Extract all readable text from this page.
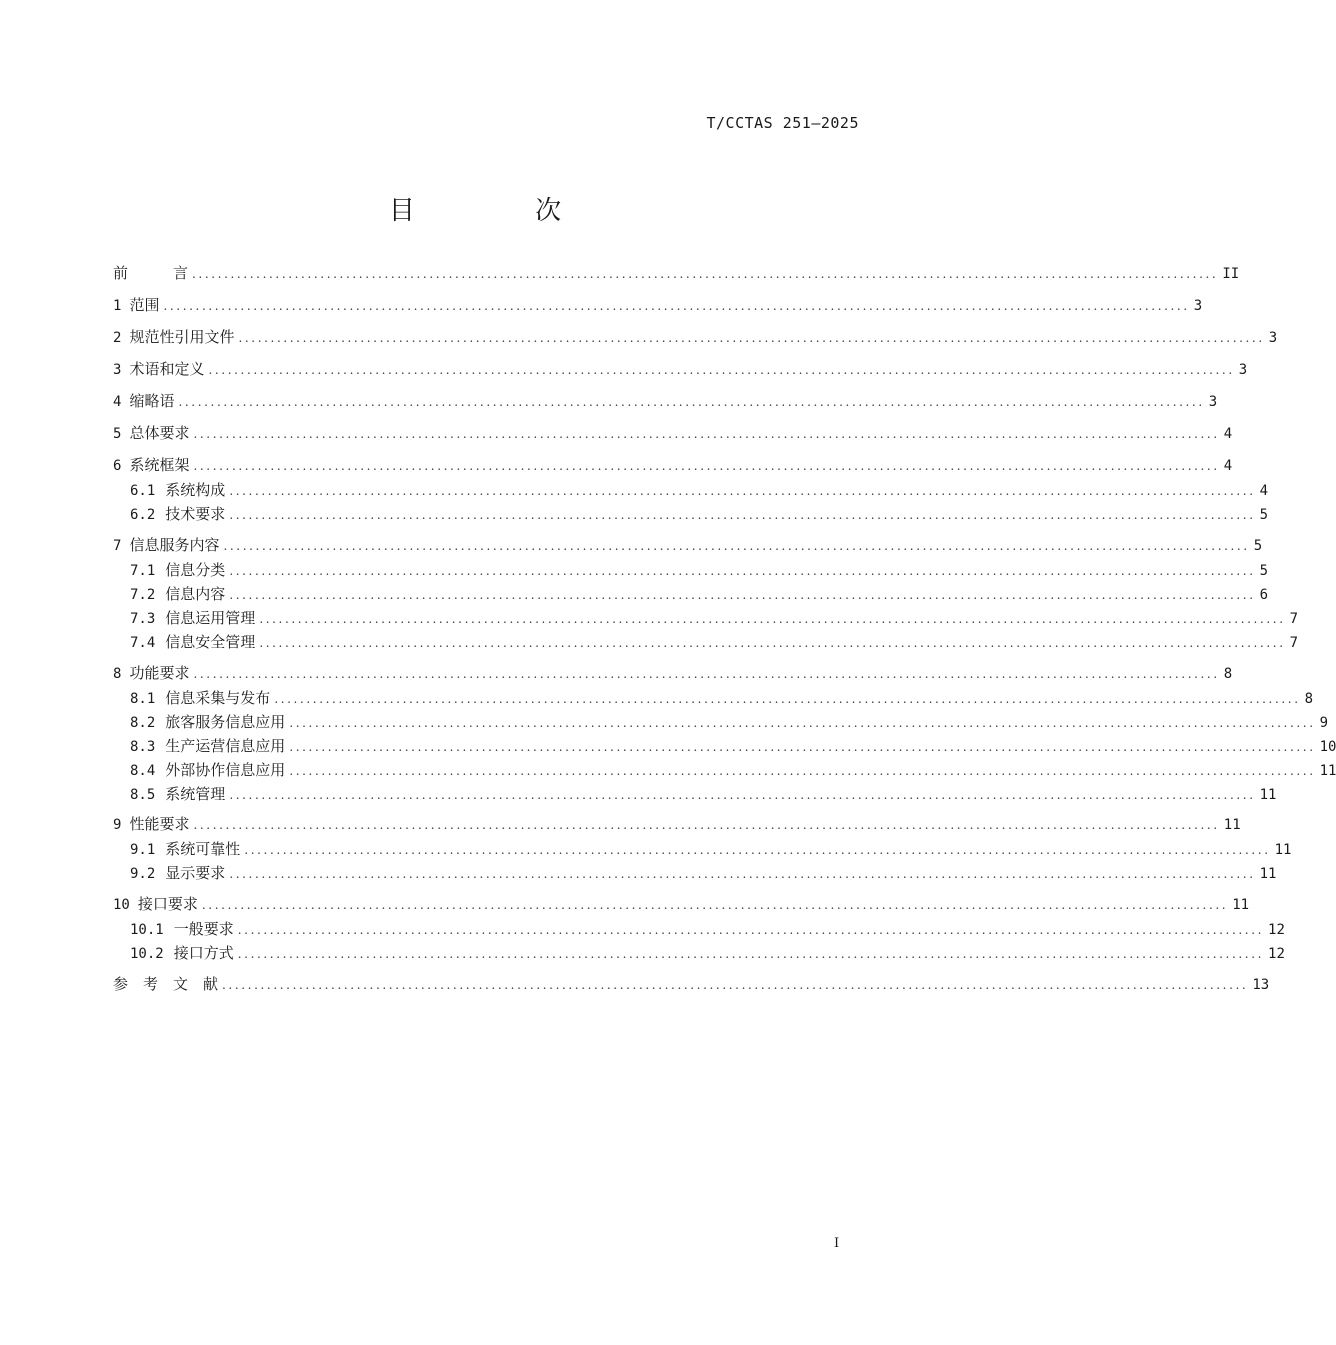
T/CCTAS 251—2025
目 次
前　　　言 ................................................................................................................................................................ II
1 范围 ................................................................................................................................................................ 3
2 规范性引用文件 ................................................................................................................................................................ 3
3 术语和定义 ................................................................................................................................................................ 3
4 缩略语 ................................................................................................................................................................ 3
5 总体要求 ................................................................................................................................................................ 4
6 系统框架 ................................................................................................................................................................ 4
6.1 系统构成 ................................................................................................................................................................ 4
6.2 技术要求 ................................................................................................................................................................ 5
7 信息服务内容 ................................................................................................................................................................ 5
7.1 信息分类 ................................................................................................................................................................ 5
7.2 信息内容 ................................................................................................................................................................ 6
7.3 信息运用管理 ................................................................................................................................................................ 7
7.4 信息安全管理 ................................................................................................................................................................ 7
8 功能要求 ................................................................................................................................................................ 8
8.1 信息采集与发布 ................................................................................................................................................................ 8
8.2 旅客服务信息应用 ................................................................................................................................................................ 9
8.3 生产运营信息应用 ................................................................................................................................................................ 10
8.4 外部协作信息应用 ................................................................................................................................................................ 11
8.5 系统管理 ................................................................................................................................................................ 11
9 性能要求 ................................................................................................................................................................ 11
9.1 系统可靠性 ................................................................................................................................................................ 11
9.2 显示要求 ................................................................................................................................................................ 11
10 接口要求 ................................................................................................................................................................ 11
10.1 一般要求 ................................................................................................................................................................ 12
10.2 接口方式 ................................................................................................................................................................ 12
参　考　文　献 ................................................................................................................................................................ 13
I
